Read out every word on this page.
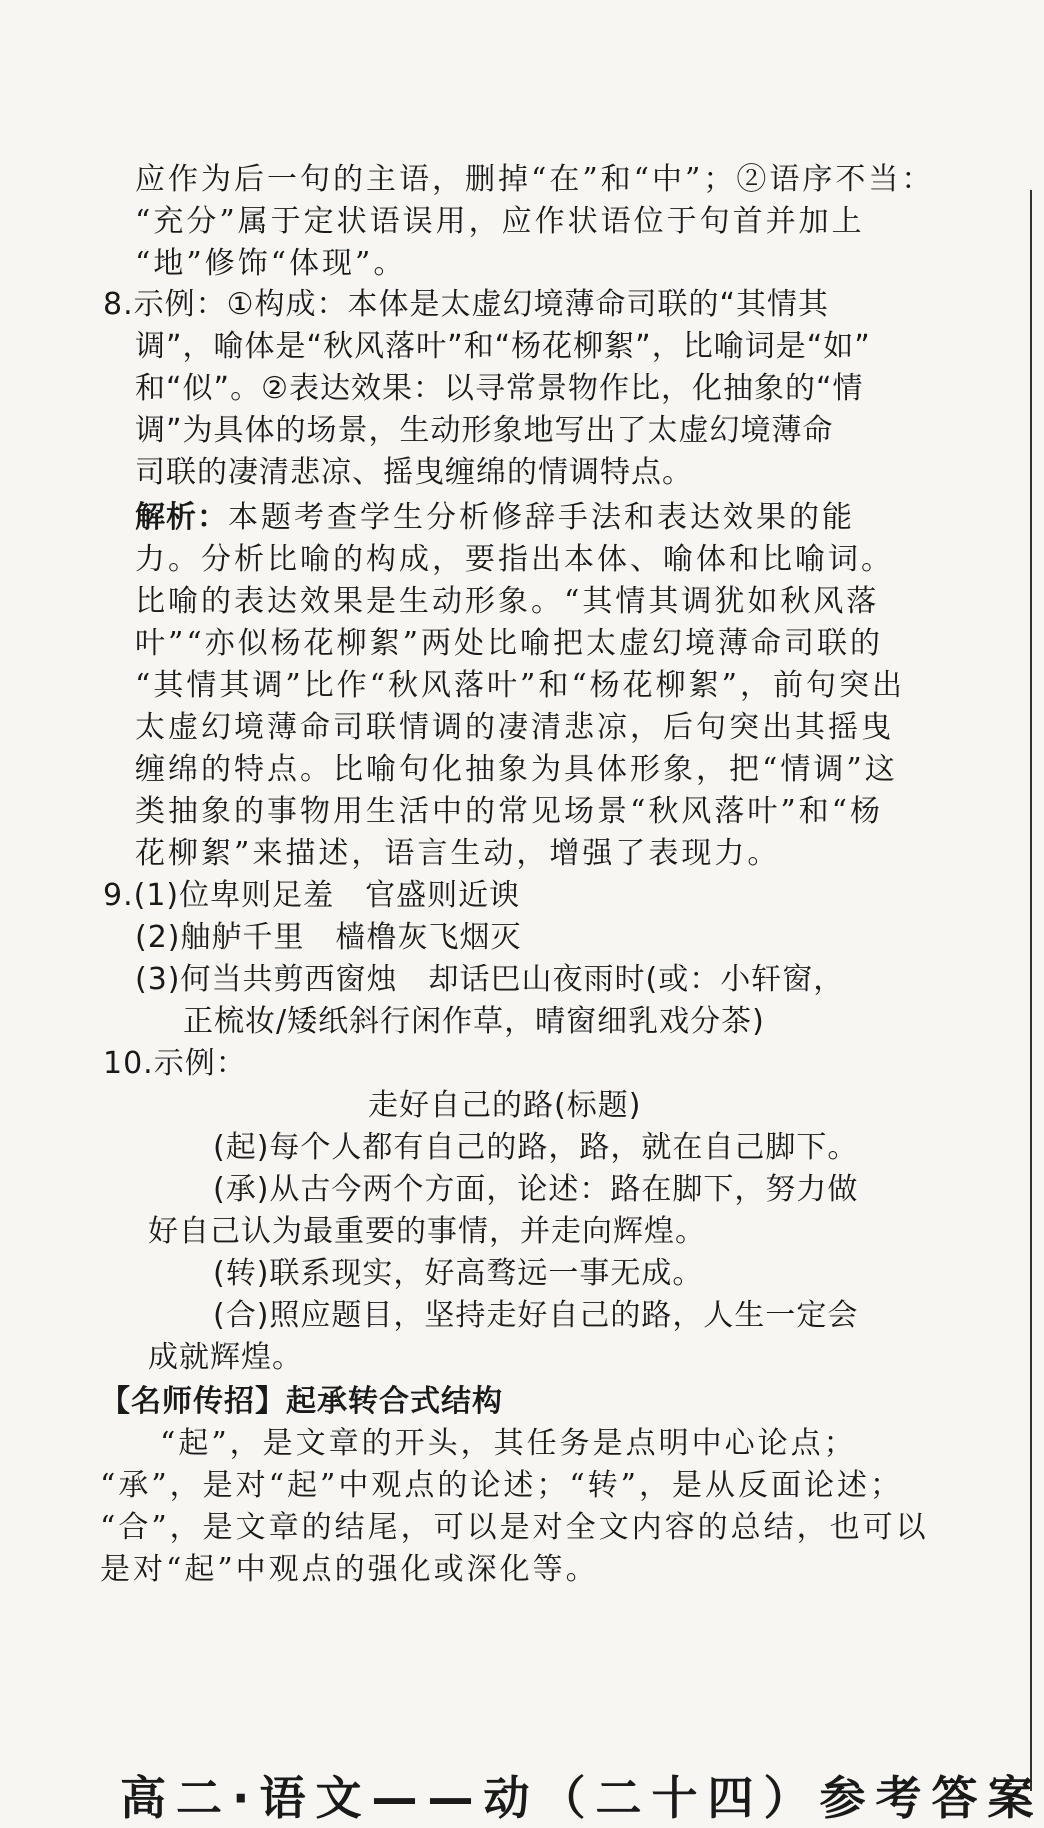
应作为后一句的主语，删掉“在”和“中”；②语序不当：
“充分”属于定状语误用，应作状语位于句首并加上
“地”修饰“体现”。
8.示例：①构成：本体是太虚幻境薄命司联的“其情其
调”，喻体是“秋风落叶”和“杨花柳絮”，比喻词是“如”
和“似”。②表达效果：以寻常景物作比，化抽象的“情
调”为具体的场景，生动形象地写出了太虚幻境薄命
司联的凄清悲凉、摇曳缠绵的情调特点。
解析：本题考查学生分析修辞手法和表达效果的能
力。分析比喻的构成，要指出本体、喻体和比喻词。
比喻的表达效果是生动形象。“其情其调犹如秋风落
叶”“亦似杨花柳絮”两处比喻把太虚幻境薄命司联的
“其情其调”比作“秋风落叶”和“杨花柳絮”，前句突出
太虚幻境薄命司联情调的凄清悲凉，后句突出其摇曳
缠绵的特点。比喻句化抽象为具体形象，把“情调”这
类抽象的事物用生活中的常见场景“秋风落叶”和“杨
花柳絮”来描述，语言生动，增强了表现力。
9.(1)位卑则足羞　官盛则近谀
(2)舳舻千里　樯橹灰飞烟灭
(3)何当共剪西窗烛　却话巴山夜雨时(或：小轩窗，
正梳妆/矮纸斜行闲作草，晴窗细乳戏分茶)
10.示例：
走好自己的路(标题)
(起)每个人都有自己的路，路，就在自己脚下。
(承)从古今两个方面，论述：路在脚下，努力做
好自己认为最重要的事情，并走向辉煌。
(转)联系现实，好高骛远一事无成。
(合)照应题目，坚持走好自己的路，人生一定会
成就辉煌。
【名师传招】起承转合式结构
“起”，是文章的开头，其任务是点明中心论点；
“承”，是对“起”中观点的论述；“转”，是从反面论述；
“合”，是文章的结尾，可以是对全文内容的总结，也可以
是对“起”中观点的强化或深化等。
高二·语文——动（二十四）参考答案
